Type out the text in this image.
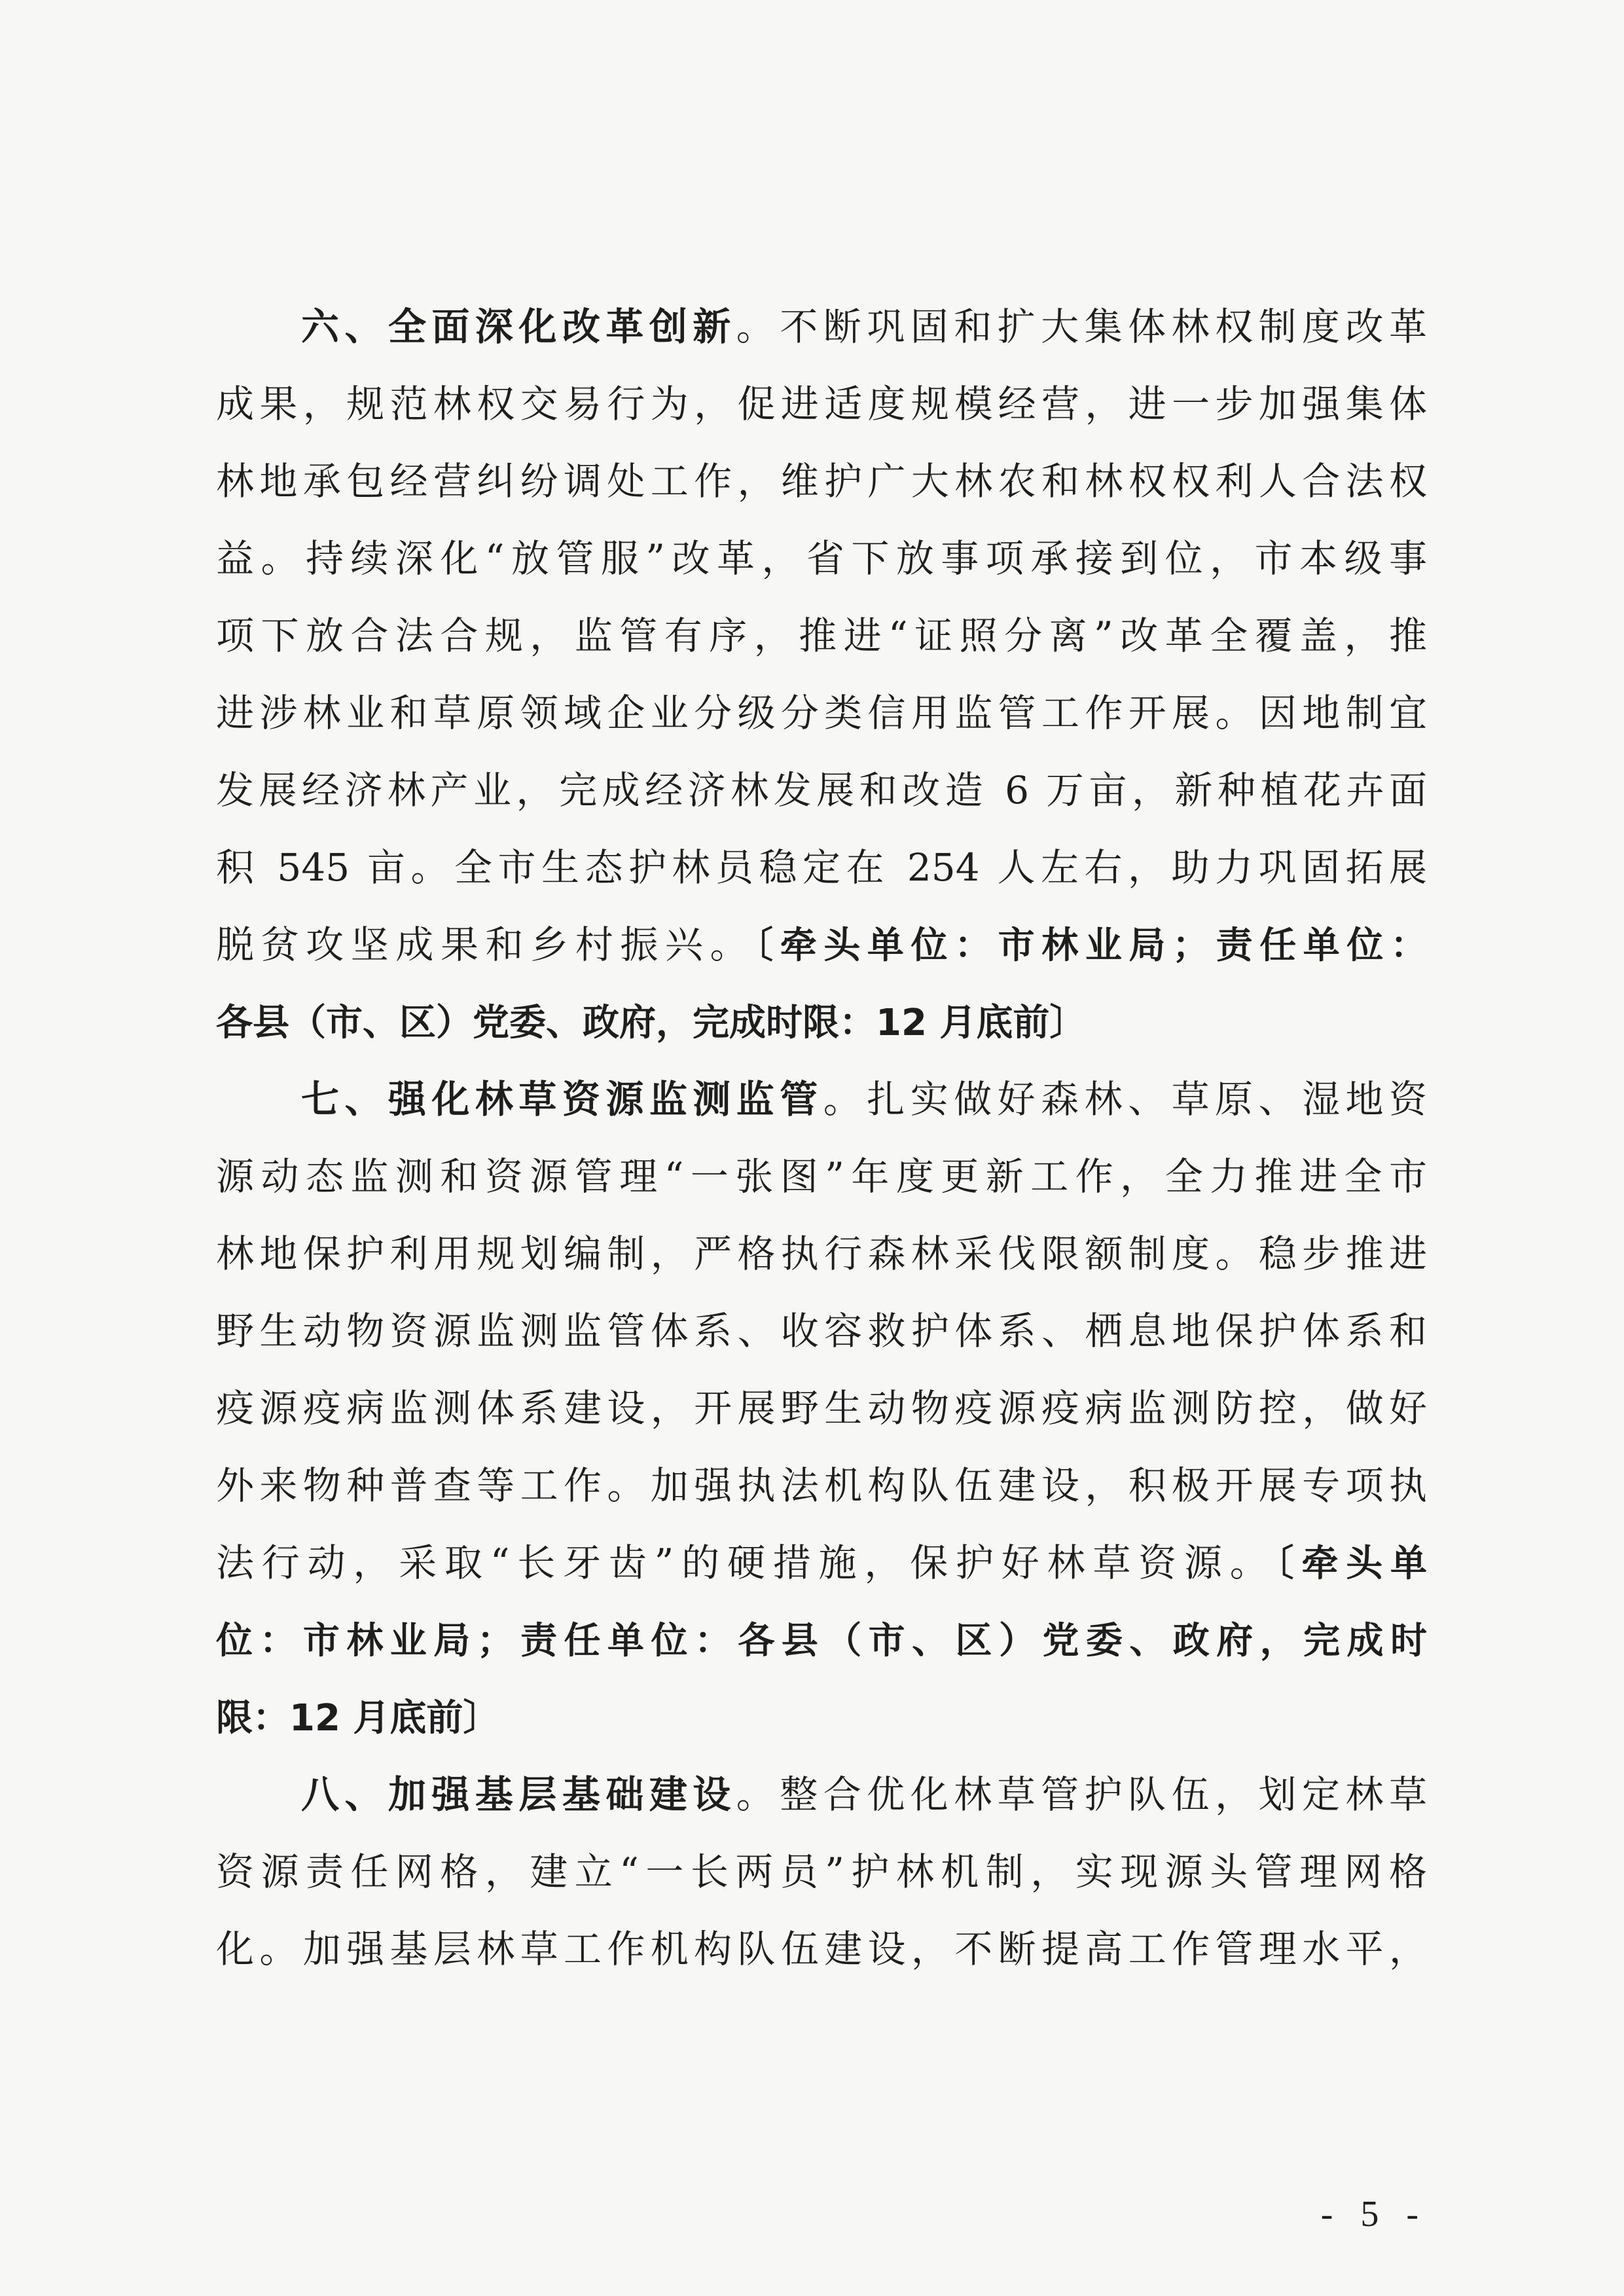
六、全面深化改革创新。不断巩固和扩大集体林权制度改革
成果，规范林权交易行为，促进适度规模经营，进一步加强集体
林地承包经营纠纷调处工作，维护广大林农和林权权利人合法权
益。持续深化“放管服”改革，省下放事项承接到位，市本级事
项下放合法合规，监管有序，推进“证照分离”改革全覆盖，推
进涉林业和草原领域企业分级分类信用监管工作开展。因地制宜
发展经济林产业，完成经济林发展和改造 6 万亩，新种植花卉面
积 545 亩。全市生态护林员稳定在 254 人左右，助力巩固拓展
脱贫攻坚成果和乡村振兴。〔牵头单位：市林业局；责任单位：
各县（市、区）党委、政府，完成时限：12 月底前〕
七、强化林草资源监测监管。扎实做好森林、草原、湿地资
源动态监测和资源管理“一张图”年度更新工作，全力推进全市
林地保护利用规划编制，严格执行森林采伐限额制度。稳步推进
野生动物资源监测监管体系、收容救护体系、栖息地保护体系和
疫源疫病监测体系建设，开展野生动物疫源疫病监测防控，做好
外来物种普查等工作。加强执法机构队伍建设，积极开展专项执
法行动，采取“长牙齿”的硬措施，保护好林草资源。〔牵头单
位：市林业局；责任单位：各县（市、区）党委、政府，完成时
限：12 月底前〕
八、加强基层基础建设。整合优化林草管护队伍，划定林草
资源责任网格，建立“一长两员”护林机制，实现源头管理网格
化。加强基层林草工作机构队伍建设，不断提高工作管理水平，
- 5 -
